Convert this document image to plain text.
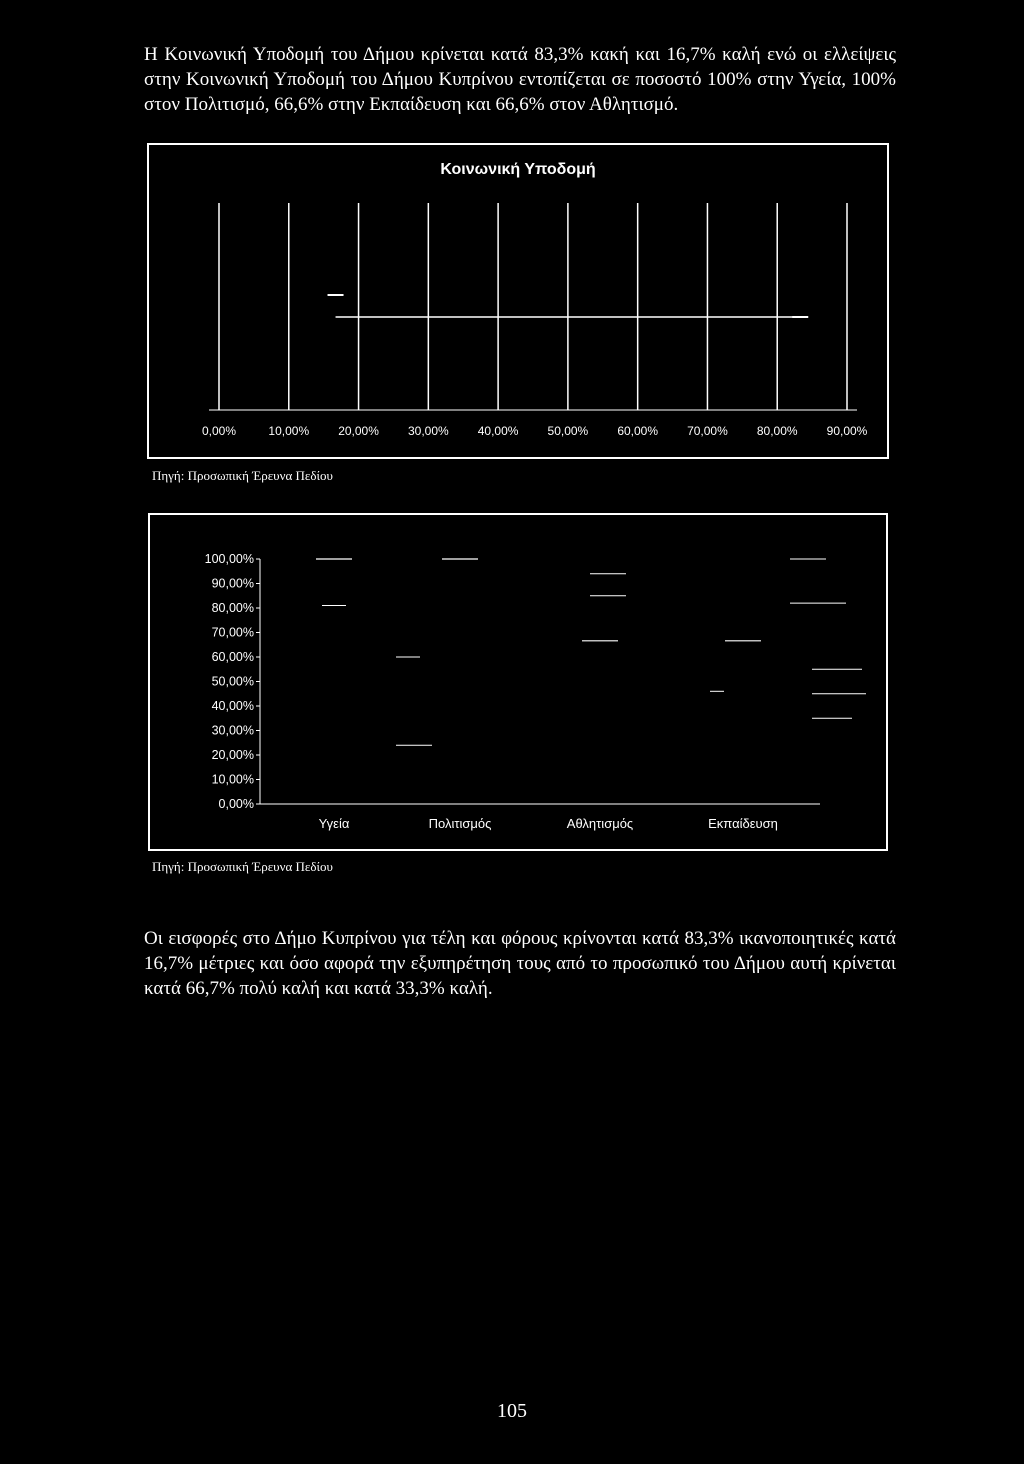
Η Κοινωνική Υποδομή του Δήμου κρίνεται κατά 83,3% κακή και 16,7% καλή ενώ οι ελλείψεις στην Κοινωνική Υποδομή του Δήμου Κυπρίνου εντοπίζεται σε ποσοστό 100% στην Υγεία, 100% στον Πολιτισμό, 66,6% στην Εκπαίδευση και 66,6% στον Αθλητισμό.

Κοινωνική Υποδομή
0,00%	10,00% 20,00% 30,00% 40,00% 50,00% 60,00% 70,00% 80,00% 90,00%
Πηγή: Προσωπική Έρευνα Πεδίου
100,00%
90,00%
80,00%
70,00%
60,00%
50,00%
40,00%
30,00%
20,00%
10,00%
0,00%
Υγεία	Πολιτισμός	Αθλητισμός	Εκπαίδευση
Πηγή: Προσωπική Έρευνα Πεδίου

Οι εισφορές στο Δήμο Κυπρίνου για τέλη και φόρους κρίνονται κατά 83,3% ικανοποιητικές κατά 16,7% μέτριες και όσο αφορά την εξυπηρέτηση τους από το προσωπικό του Δήμου αυτή κρίνεται κατά 66,7% πολύ καλή και κατά 33,3% καλή.

105
